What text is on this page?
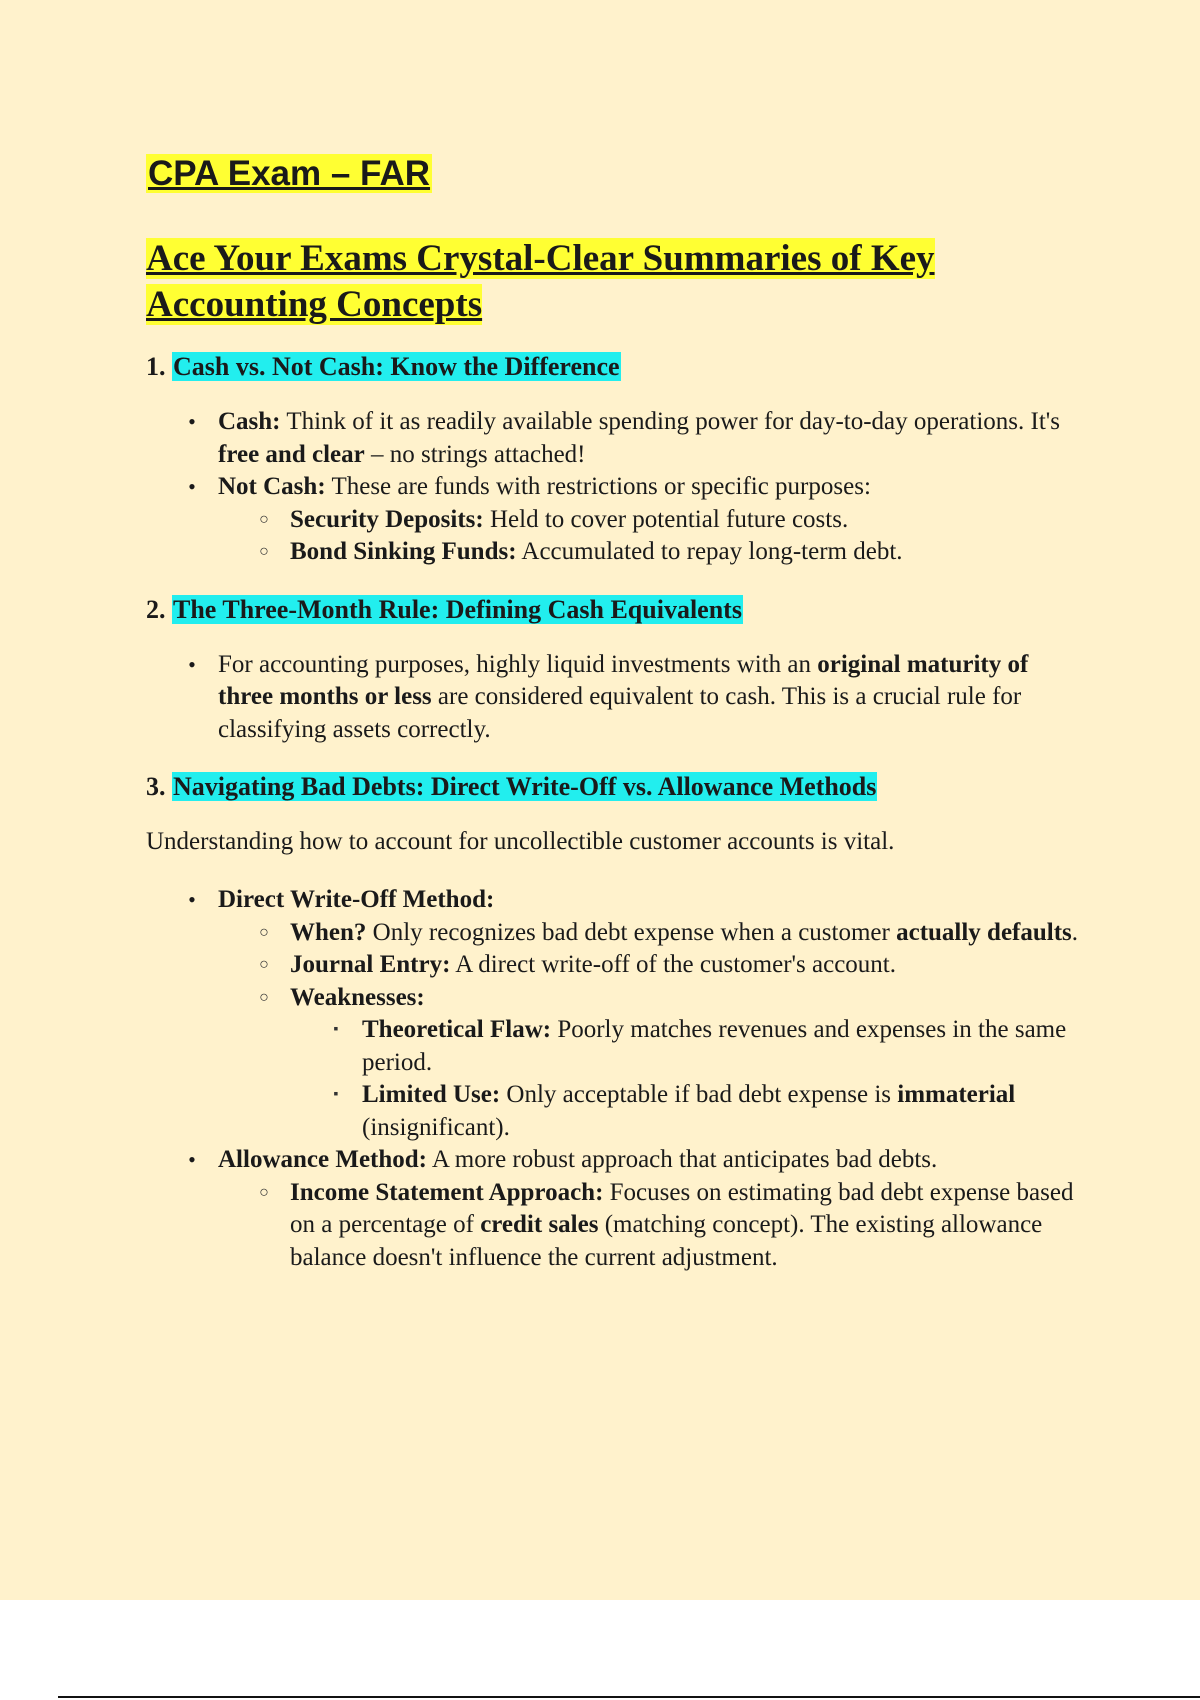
CPA Exam – FAR
Ace Your Exams Crystal-Clear Summaries of Key
Accounting Concepts
1. Cash vs. Not Cash: Know the Difference
• Cash: Think of it as readily available spending power for day-to-day operations. It's free and clear – no strings attached!
• Not Cash: These are funds with restrictions or specific purposes:
○ Security Deposits: Held to cover potential future costs.
○ Bond Sinking Funds: Accumulated to repay long-term debt.
2. The Three-Month Rule: Defining Cash Equivalents
• For accounting purposes, highly liquid investments with an original maturity of three months or less are considered equivalent to cash. This is a crucial rule for classifying assets correctly.
3. Navigating Bad Debts: Direct Write-Off vs. Allowance Methods

Understanding how to account for uncollectible customer accounts is vital.

• Direct Write-Off Method:
○ When? Only recognizes bad debt expense when a customer actually defaults.
○ Journal Entry: A direct write-off of the customer's account.
○ Weaknesses:
▪ Theoretical Flaw: Poorly matches revenues and expenses in the same period.
▪ Limited Use: Only acceptable if bad debt expense is immaterial (insignificant).
• Allowance Method: A more robust approach that anticipates bad debts.
○ Income Statement Approach: Focuses on estimating bad debt expense based on a percentage of credit sales (matching concept). The existing allowance balance doesn't influence the current adjustment.
